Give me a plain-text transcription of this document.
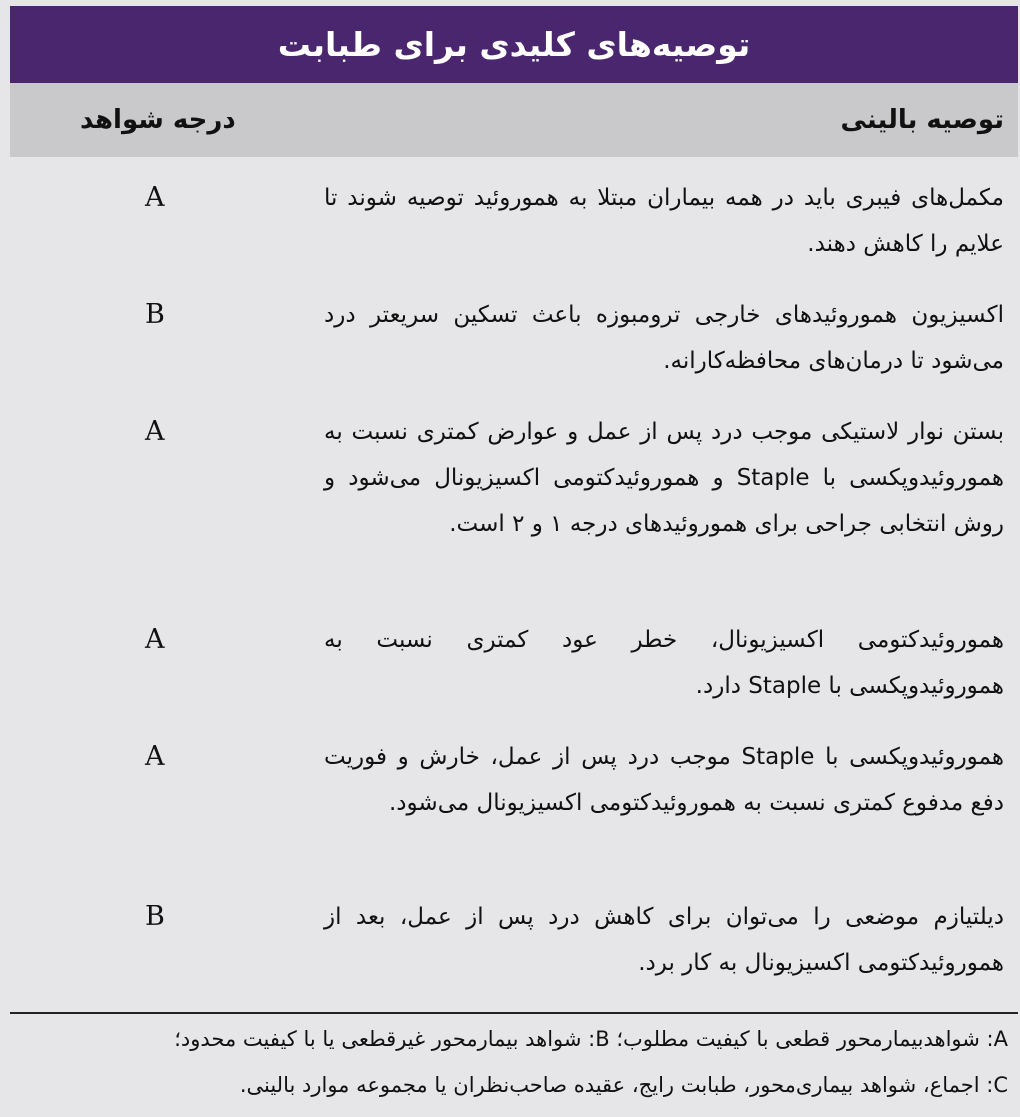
توصیه‌های کلیدی برای طبابت
توصیه بالینی
درجه شواهد
مکمل‌های فیبری باید در همه بیماران مبتلا به هموروئید توصیه شوند تا علایم را کاهش دهند.
A
اکسیزیون هموروئیدهای خارجی ترومبوزه باعث تسکین سریعتر درد می‌شود تا درمان‌های محافظه‌کارانه.
B
بستن نوار لاستیکی موجب درد پس از عمل و عوارض کمتری نسبت به هموروئیدوپکسی با Staple و هموروئیدکتومی اکسیزیونال می‌شود و روش انتخابی جراحی برای هموروئیدهای درجه ۱ و ۲ است.
A
هموروئیدکتومی اکسیزیونال، خطر عود کمتری نسبت به هموروئیدوپکسی با Staple دارد.
A
هموروئیدوپکسی با Staple موجب درد پس از عمل، خارش و فوریت دفع مدفوع کمتری نسبت به هموروئیدکتومی اکسیزیونال می‌شود.
A
دیلتیازم موضعی را می‌توان برای کاهش درد پس از عمل، بعد از هموروئیدکتومی اکسیزیونال به کار برد.
B
A: شواهدبیمارمحور قطعی با کیفیت مطلوب؛ B: شواهد بیمارمحور غیرقطعی یا با کیفیت محدود؛
C: اجماع، شواهد بیماری‌محور، طبابت رایج، عقیده صاحب‌نظران یا مجموعه موارد بالینی.
